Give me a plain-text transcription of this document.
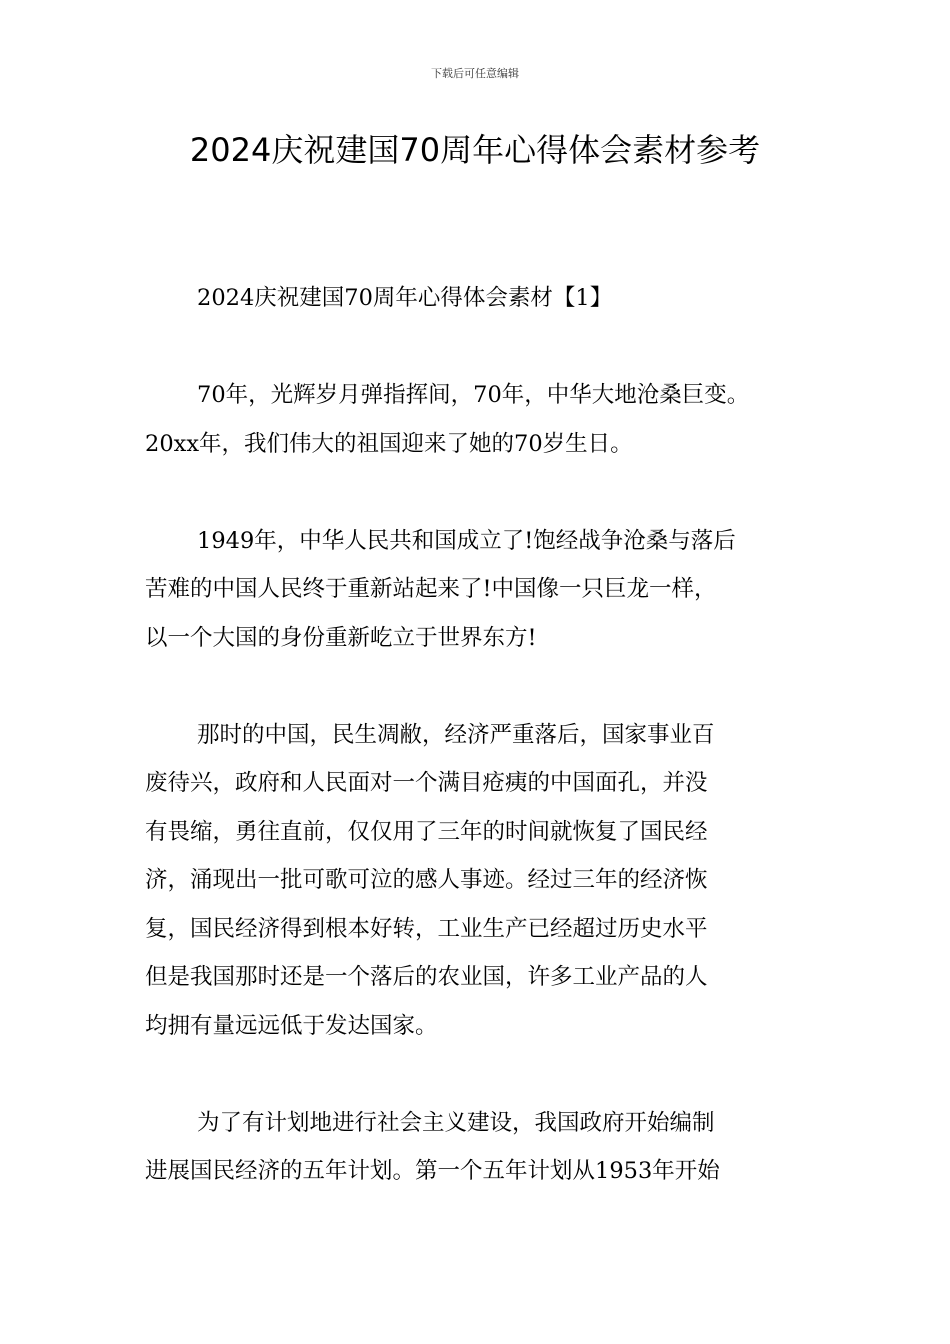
下载后可任意编辑
2024庆祝建国70周年心得体会素材参考

2024庆祝建国70周年心得体会素材【1】

70年，光辉岁月弹指挥间，70年，中华大地沧桑巨变。
20xx年，我们伟大的祖国迎来了她的70岁生日。
1949年，中华人民共和国成立了!饱经战争沧桑与落后
苦难的中国人民终于重新站起来了!中国像一只巨龙一样，
以一个大国的身份重新屹立于世界东方!
那时的中国，民生凋敝，经济严重落后，国家事业百
废待兴，政府和人民面对一个满目疮痍的中国面孔，并没
有畏缩，勇往直前，仅仅用了三年的时间就恢复了国民经
济，涌现出一批可歌可泣的感人事迹。经过三年的经济恢
复，国民经济得到根本好转，工业生产已经超过历史水平
但是我国那时还是一个落后的农业国，许多工业产品的人
均拥有量远远低于发达国家。
为了有计划地进行社会主义建设，我国政府开始编制
进展国民经济的五年计划。第一个五年计划从1953年开始
